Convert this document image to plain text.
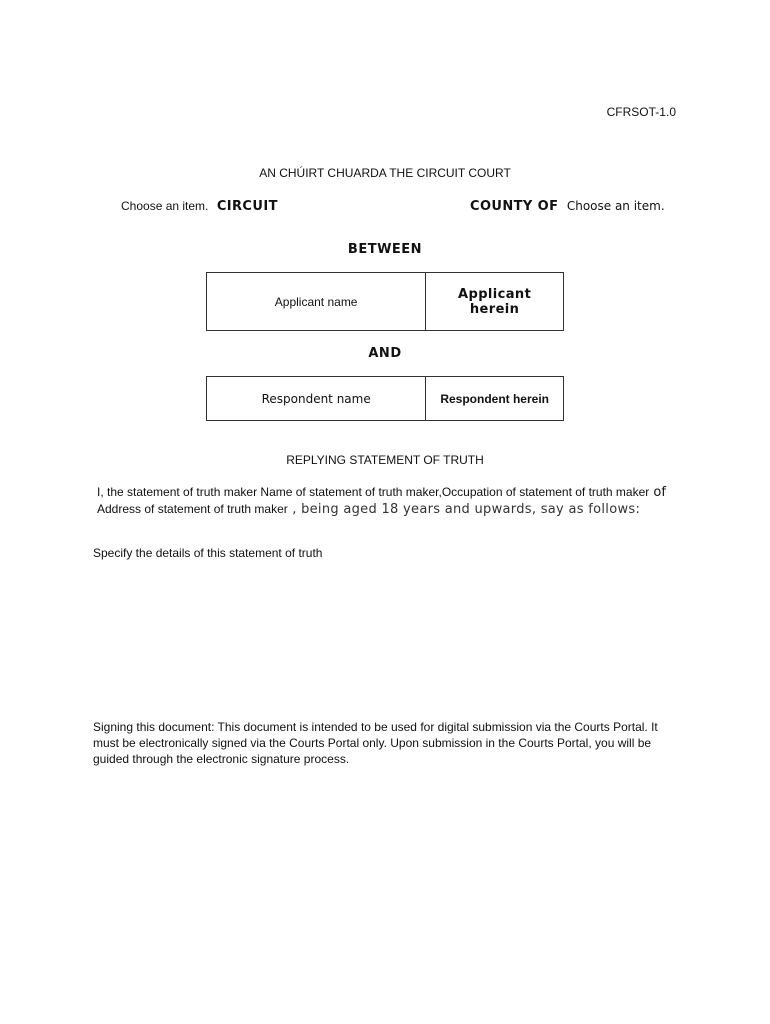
CFRSOT-1.0
AN CHÚIRT CHUARDA THE CIRCUIT COURT
Choose an item. CIRCUIT	COUNTY OF Choose an item.
BETWEEN
Applicant name	Applicant herein
AND
Respondent name	Respondent herein
REPLYING STATEMENT OF TRUTH
I, the statement of truth maker Name of statement of truth maker,Occupation of statement of truth maker of Address of statement of truth maker , being aged 18 years and upwards, say as follows:
Specify the details of this statement of truth
Signing this document: This document is intended to be used for digital submission via the Courts Portal. It must be electronically signed via the Courts Portal only. Upon submission in the Courts Portal, you will be guided through the electronic signature process.
